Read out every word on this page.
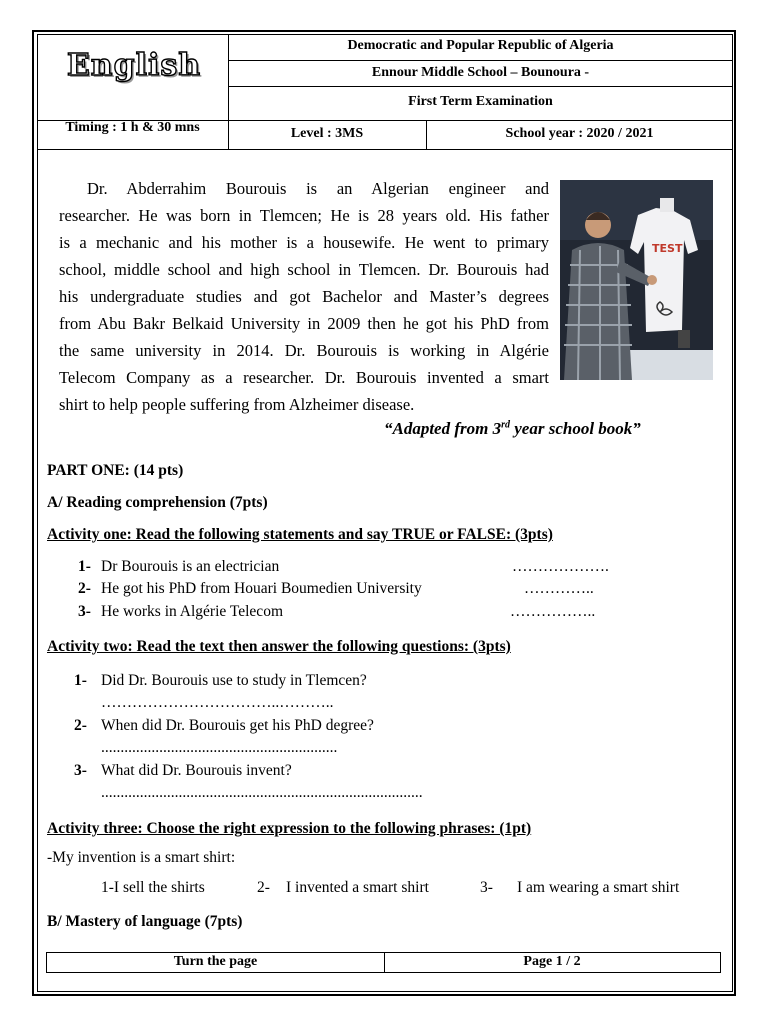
English
Democratic and Popular Republic of Algeria
Ennour Middle School – Bounoura -
First Term Examination
Timing : 1 h & 30 mns	Level : 3MS	School year : 2020 / 2021
Dr. Abderrahim Bourouis is an Algerian engineer and
researcher. He was born in Tlemcen; He is 28 years old. His father
is a mechanic and his mother is a housewife. He went to primary
school, middle school and high school in Tlemcen. Dr. Bourouis had
his undergraduate studies and got Bachelor and Master’s degrees
from Abu Bakr Belkaid University in 2009 then he got his PhD from
the same university in 2014. Dr. Bourouis is working in Algérie
Telecom Company as a researcher. Dr. Bourouis invented a smart
shirt to help people suffering from Alzheimer disease.
TEST
“Adapted from 3rd year school book”
PART ONE: (14 pts)
A/ Reading comprehension (7pts)
Activity one: Read the following statements and say TRUE or FALSE: (3pts)
1- Dr Bourouis is an electrician	……………….
2- He got his PhD from Houari Boumedien University	…………..
3- He works in Algérie Telecom	……………..
Activity two: Read the text then answer the following questions: (3pts)
1- Did Dr. Bourouis use to study in Tlemcen?
……………………………..………..
2- When did Dr. Bourouis get his PhD degree?
.............................................................
3- What did Dr. Bourouis invent?
...................................................................................
Activity three: Choose the right expression to the following phrases: (1pt)
-My invention is a smart shirt:
1-I sell the shirts	2- I invented a smart shirt	3- I am wearing a smart shirt
B/ Mastery of language (7pts)
Turn the page	Page 1 / 2
